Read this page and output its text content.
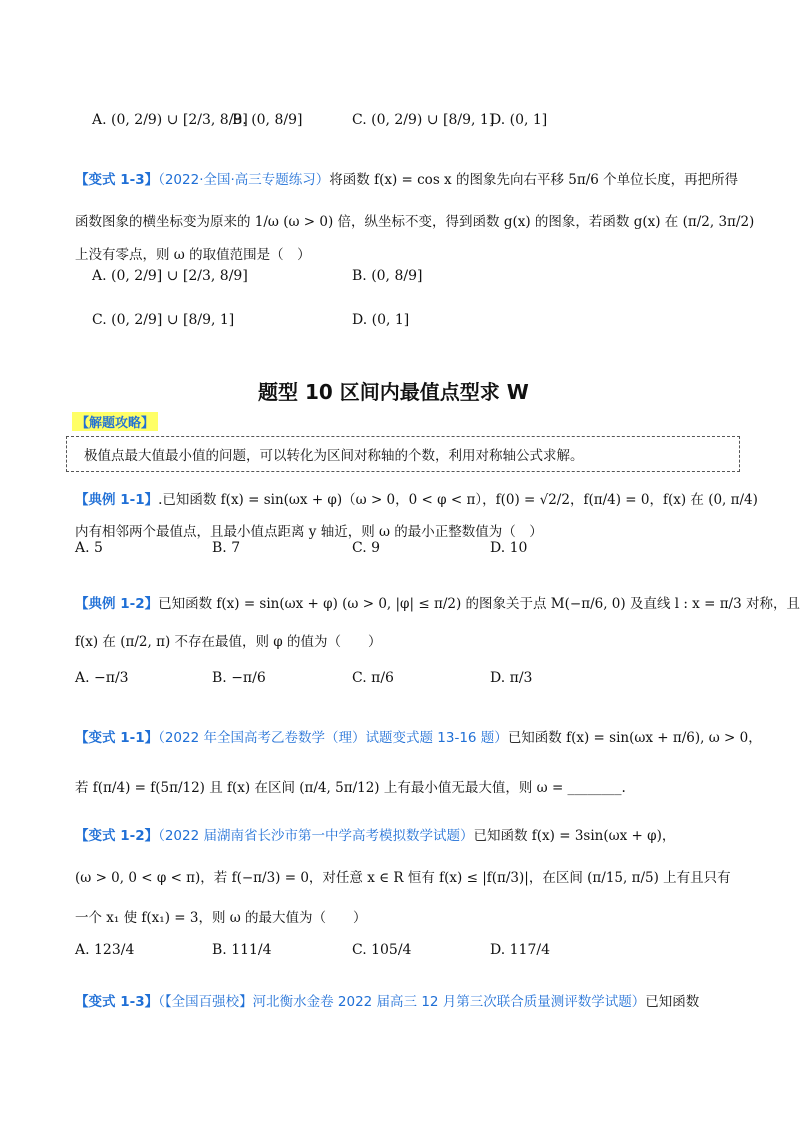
A. (0, 2/9) ∪ [2/3, 8/9]
B. (0, 8/9]	C. (0, 2/9) ∪ [8/9, 1]
D. (0, 1]
【变式 1-3】（2022·全国·高三专题练习）将函数 f(x) = cos x 的图象先向右平移 5π/6 个单位长度，再把所得
函数图象的横坐标变为原来的 1/ω (ω > 0) 倍，纵坐标不变，得到函数 g(x) 的图象，若函数 g(x) 在 (π/2, 3π/2)
上没有零点，则 ω 的取值范围是（　）
A. (0, 2/9] ∪ [2/3, 8/9]	B. (0, 8/9]
C. (0, 2/9] ∪ [8/9, 1]	D. (0, 1]
题型 10 区间内最值点型求 W
【解题攻略】
极值点最大值最小值的问题，可以转化为区间对称轴的个数，利用对称轴公式求解。
【典例 1-1】.已知函数 f(x) = sin(ωx + φ)（ω > 0，0 < φ < π），f(0) = √2/2，f(π/4) = 0，f(x) 在 (0, π/4)
内有相邻两个最值点，且最小值点距离 y 轴近，则 ω 的最小正整数值为（　）
A. 5	B. 7	C. 9	D. 10
【典例 1-2】已知函数 f(x) = sin(ωx + φ) (ω > 0, |φ| ≤ π/2) 的图象关于点 M(−π/6, 0) 及直线 l : x = π/3 对称，且
f(x) 在 (π/2, π) 不存在最值，则 φ 的值为（　　）
A. −π/3	B. −π/6	C. π/6	D. π/3
【变式 1-1】（2022 年全国高考乙卷数学（理）试题变式题 13-16 题）已知函数 f(x) = sin(ωx + π/6), ω > 0，
若 f(π/4) = f(5π/12) 且 f(x) 在区间 (π/4, 5π/12) 上有最小值无最大值，则 ω = ________.
【变式 1-2】（2022 届湖南省长沙市第一中学高考模拟数学试题）已知函数 f(x) = 3sin(ωx + φ)，
(ω > 0, 0 < φ < π)，若 f(−π/3) = 0，对任意 x ∈ R 恒有 f(x) ≤ |f(π/3)|，在区间 (π/15, π/5) 上有且只有
一个 x₁ 使 f(x₁) = 3，则 ω 的最大值为（　　）
A. 123/4	B. 111/4	C. 105/4	D. 117/4
【变式 1-3】（【全国百强校】河北衡水金卷 2022 届高三 12 月第三次联合质量测评数学试题）已知函数
